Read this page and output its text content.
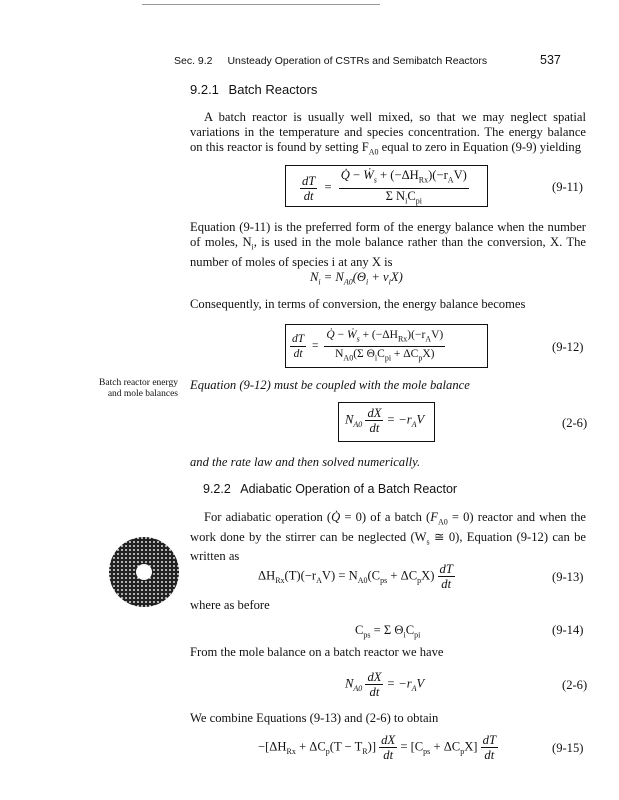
Sec. 9.2 Unsteady Operation of CSTRs and Semibatch Reactors	537
9.2.1 Batch Reactors
A batch reactor is usually well mixed, so that we may neglect spatial variations in the temperature and species concentration. The energy balance on this reactor is found by setting $F_{A0}$ equal to zero in Equation (9-9) yielding
$\frac{dT}{dt} = \frac{Q̇ - Ẇ_s + (-\Delta H_{Rx})(-r_AV)}{\Sigma N_iC_{pi}}$	(9-11)
Equation (9-11) is the preferred form of the energy balance when the number of moles, $N_i$, is used in the mole balance rather than the conversion, X. The number of moles of species i at any X is
$N_i = N_{A0}(\Theta_i + \nu_iX)$
Consequently, in terms of conversion, the energy balance becomes
$\frac{dT}{dt} = \frac{Q̇ - Ẇ_s + (-\Delta H_{Rx})(-r_AV)}{N_{A0}(\Sigma \Theta_iC_{pi} + \Delta C_pX)}$	(9-12)
Batch reactor energy
and mole balances
Equation (9-12) must be coupled with the mole balance
$N_{A0} \frac{dX}{dt} = -r_AV$	(2-6)
and the rate law and then solved numerically.
9.2.2 Adiabatic Operation of a Batch Reactor
For adiabatic operation (Q̇ = 0) of a batch $(F_{A0} = 0)$ reactor and when the work done by the stirrer can be neglected ($W_s$ ≅ 0), Equation (9-12) can be written as
$\Delta H_{Rx}(T)(-r_AV) = N_{A0}(C_{ps} + \Delta C_pX) \frac{dT}{dt}$	(9-13)
where as before
$C_{ps} = \Sigma$ $\Theta_iC_{pi}$	(9-14)
From the mole balance on a batch reactor we have
$N_{A0} \frac{dX}{dt} = -r_AV$	(2-6)
We combine Equations (9-13) and (2-6) to obtain
$-[\Delta H_{Rx} + \Delta C_p(T - T_R)] \frac{dX}{dt} = [C_{ps} + \Delta C_pX] \frac{dT}{dt}$	(9-15)
